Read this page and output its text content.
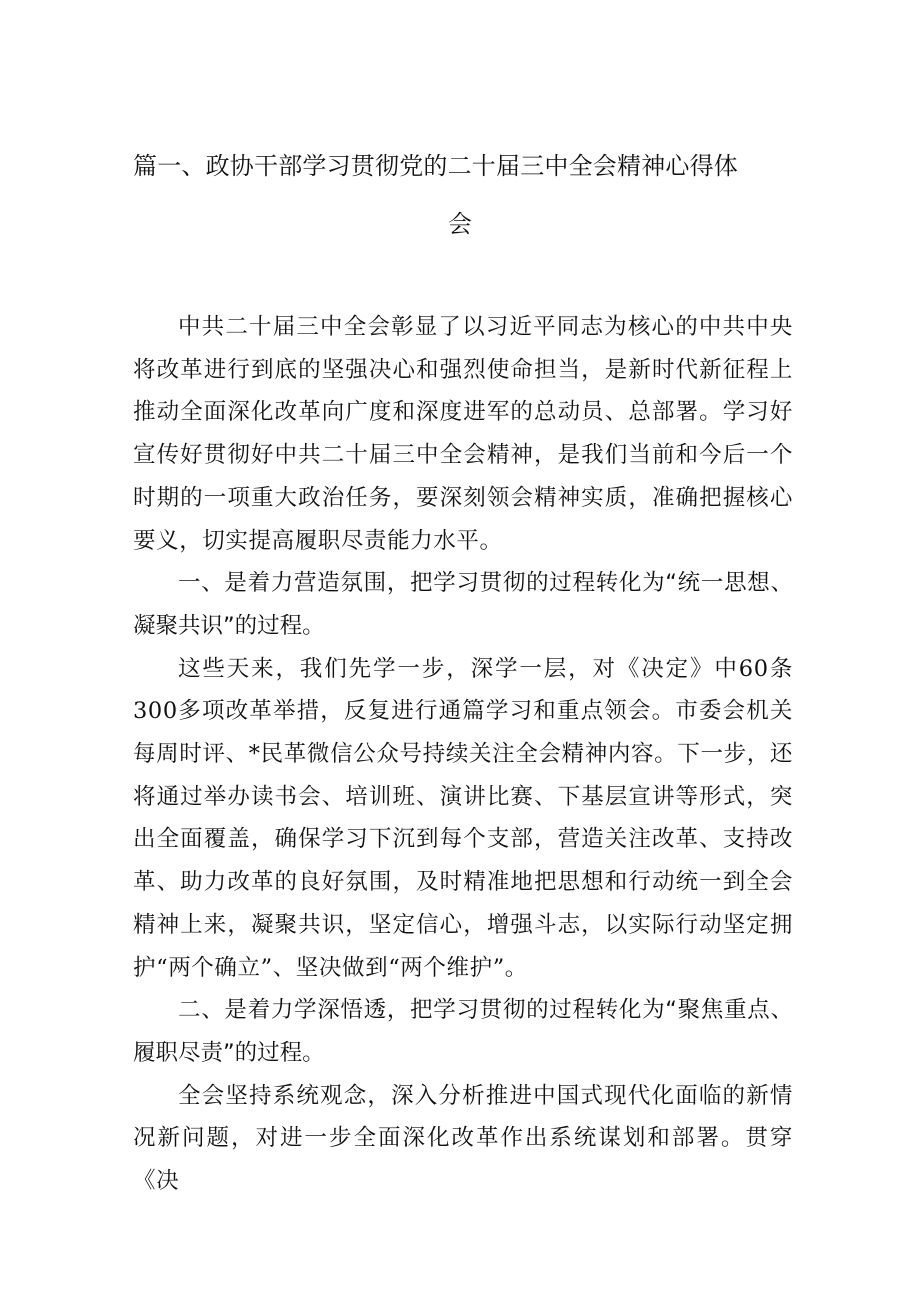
篇一、政协干部学习贯彻党的二十届三中全会精神心得体
会

中共二十届三中全会彰显了以习近平同志为核心的中共中央将改革进行到底的坚强决心和强烈使命担当，是新时代新征程上推动全面深化改革向广度和深度进军的总动员、总部署。学习好宣传好贯彻好中共二十届三中全会精神，是我们当前和今后一个时期的一项重大政治任务，要深刻领会精神实质，准确把握核心要义，切实提高履职尽责能力水平。

一、是着力营造氛围，把学习贯彻的过程转化为“统一思想、凝聚共识”的过程。

这些天来，我们先学一步，深学一层，对《决定》中60条300多项改革举措，反复进行通篇学习和重点领会。市委会机关每周时评、*民革微信公众号持续关注全会精神内容。下一步，还将通过举办读书会、培训班、演讲比赛、下基层宣讲等形式，突出全面覆盖，确保学习下沉到每个支部，营造关注改革、支持改革、助力改革的良好氛围，及时精准地把思想和行动统一到全会精神上来，凝聚共识，坚定信心，增强斗志，以实际行动坚定拥护“两个确立”、坚决做到“两个维护”。

二、是着力学深悟透，把学习贯彻的过程转化为“聚焦重点、履职尽责”的过程。

全会坚持系统观念，深入分析推进中国式现代化面临的新情况新问题，对进一步全面深化改革作出系统谋划和部署。贯穿《决
